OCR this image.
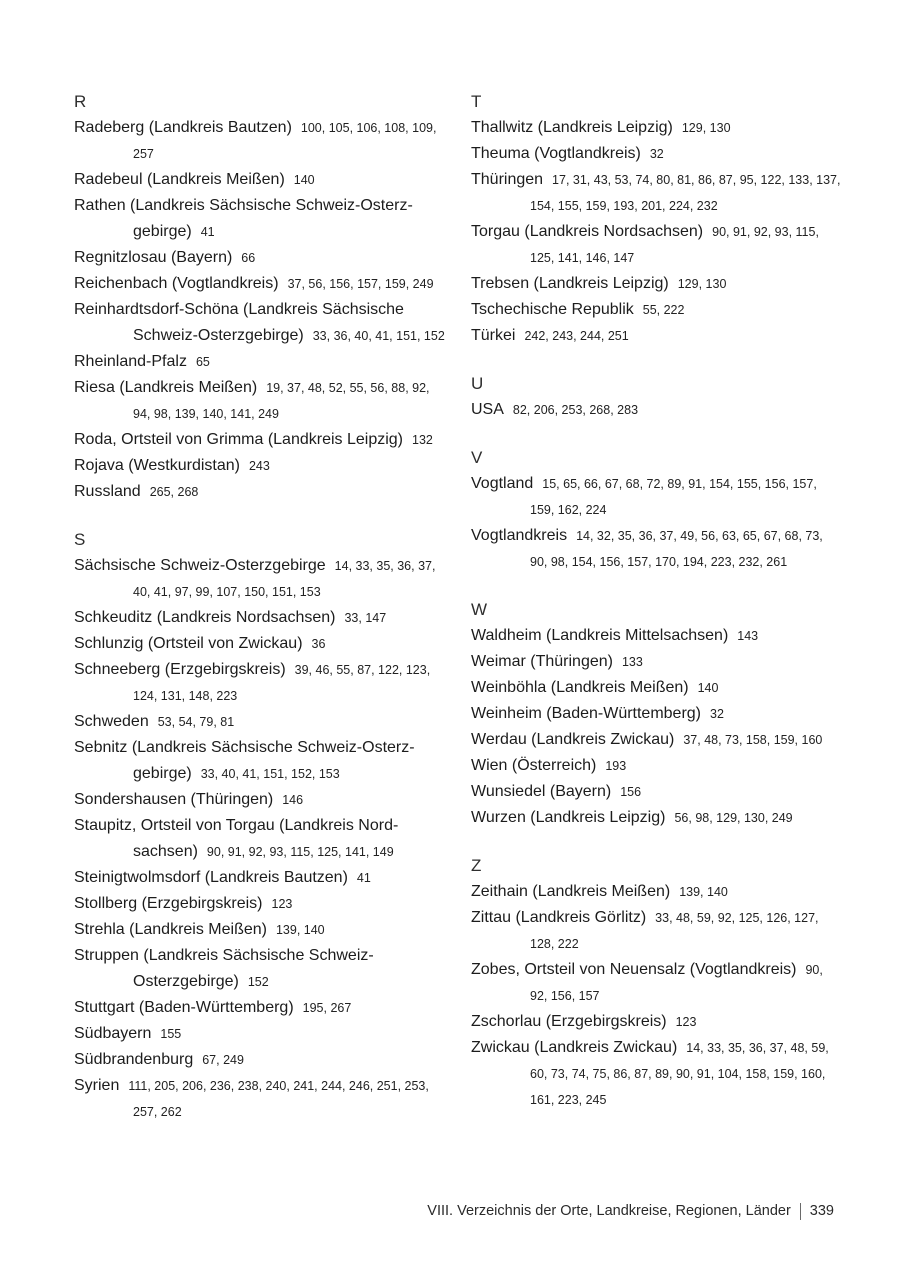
R
Radeberg (Landkreis Bautzen) 100, 105, 106, 108, 109, 257
Radebeul (Landkreis Meißen) 140
Rathen (Landkreis Sächsische Schweiz-Osterzgebirge) 41
Regnitzlosau (Bayern) 66
Reichenbach (Vogtlandkreis) 37, 56, 156, 157, 159, 249
Reinhardtsdorf-Schöna (Landkreis Sächsische Schweiz-Osterzgebirge) 33, 36, 40, 41, 151, 152
Rheinland-Pfalz 65
Riesa (Landkreis Meißen) 19, 37, 48, 52, 55, 56, 88, 92, 94, 98, 139, 140, 141, 249
Roda, Ortsteil von Grimma (Landkreis Leipzig) 132
Rojava (Westkurdistan) 243
Russland 265, 268
S
Sächsische Schweiz-Osterzgebirge 14, 33, 35, 36, 37, 40, 41, 97, 99, 107, 150, 151, 153
Schkeuditz (Landkreis Nordsachsen) 33, 147
Schlunzig (Ortsteil von Zwickau) 36
Schneeberg (Erzgebirgskreis) 39, 46, 55, 87, 122, 123, 124, 131, 148, 223
Schweden 53, 54, 79, 81
Sebnitz (Landkreis Sächsische Schweiz-Osterzgebirge) 33, 40, 41, 151, 152, 153
Sondershausen (Thüringen) 146
Staupitz, Ortsteil von Torgau (Landkreis Nordsachsen) 90, 91, 92, 93, 115, 125, 141, 149
Steinigtwolmsdorf (Landkreis Bautzen) 41
Stollberg (Erzgebirgskreis) 123
Strehla (Landkreis Meißen) 139, 140
Struppen (Landkreis Sächsische Schweiz-Osterzgebirge) 152
Stuttgart (Baden-Württemberg) 195, 267
Südbayern 155
Südbrandenburg 67, 249
Syrien 111, 205, 206, 236, 238, 240, 241, 244, 246, 251, 253, 257, 262
T
Thallwitz (Landkreis Leipzig) 129, 130
Theuma (Vogtlandkreis) 32
Thüringen 17, 31, 43, 53, 74, 80, 81, 86, 87, 95, 122, 133, 137, 154, 155, 159, 193, 201, 224, 232
Torgau (Landkreis Nordsachsen) 90, 91, 92, 93, 115, 125, 141, 146, 147
Trebsen (Landkreis Leipzig) 129, 130
Tschechische Republik 55, 222
Türkei 242, 243, 244, 251
U
USA 82, 206, 253, 268, 283
V
Vogtland 15, 65, 66, 67, 68, 72, 89, 91, 154, 155, 156, 157, 159, 162, 224
Vogtlandkreis 14, 32, 35, 36, 37, 49, 56, 63, 65, 67, 68, 73, 90, 98, 154, 156, 157, 170, 194, 223, 232, 261
W
Waldheim (Landkreis Mittelsachsen) 143
Weimar (Thüringen) 133
Weinböhla (Landkreis Meißen) 140
Weinheim (Baden-Württemberg) 32
Werdau (Landkreis Zwickau) 37, 48, 73, 158, 159, 160
Wien (Österreich) 193
Wunsiedel (Bayern) 156
Wurzen (Landkreis Leipzig) 56, 98, 129, 130, 249
Z
Zeithain (Landkreis Meißen) 139, 140
Zittau (Landkreis Görlitz) 33, 48, 59, 92, 125, 126, 127, 128, 222
Zobes, Ortsteil von Neuensalz (Vogtlandkreis) 90, 92, 156, 157
Zschorlau (Erzgebirgskreis) 123
Zwickau (Landkreis Zwickau) 14, 33, 35, 36, 37, 48, 59, 60, 73, 74, 75, 86, 87, 89, 90, 91, 104, 158, 159, 160, 161, 223, 245
VIII. Verzeichnis der Orte, Landkreise, Regionen, Länder 339
